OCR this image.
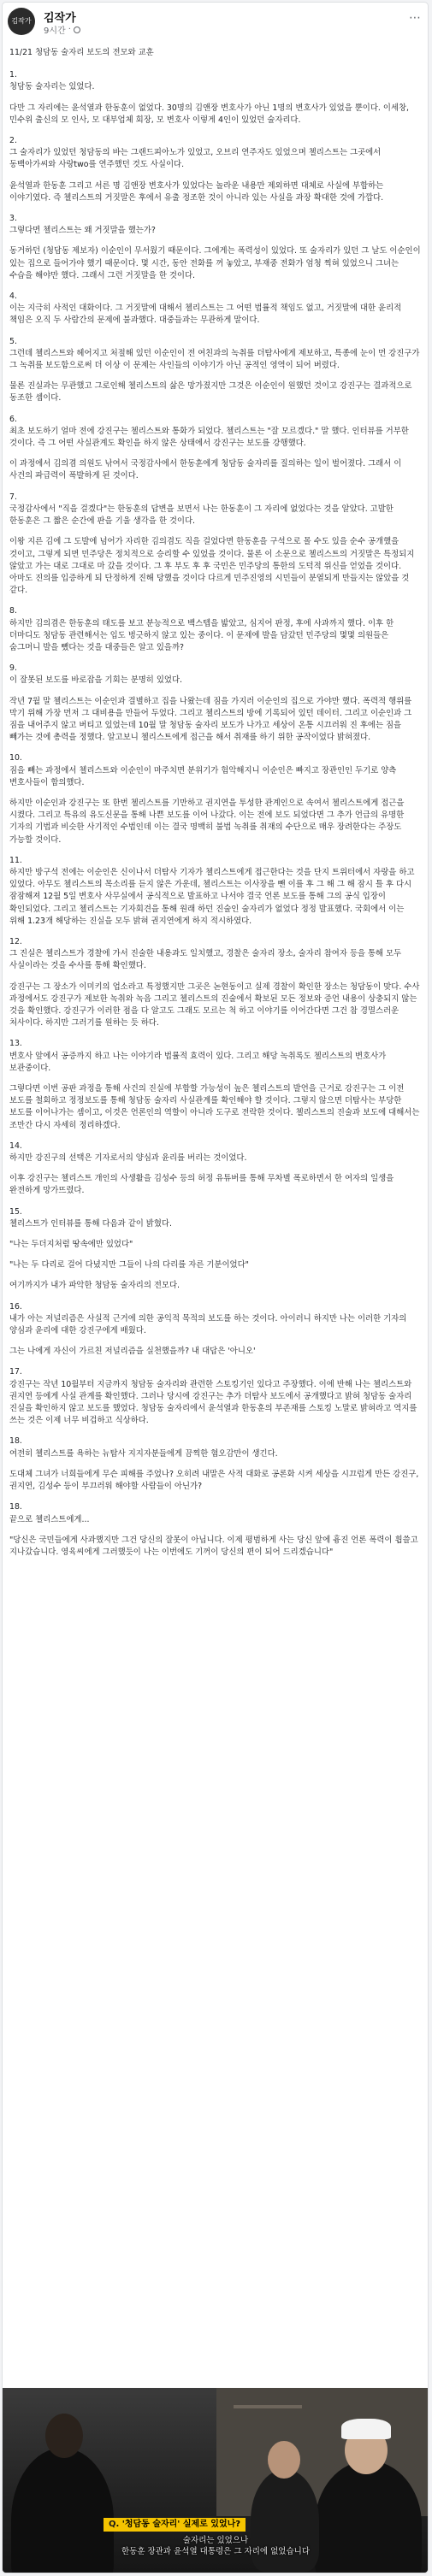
김작가	김작가
9시간 ·
⋯

11/21 청담동 술자리 보도의 전모와 교훈

1.

청담동 술자리는 있었다.

다만 그 자리에는 윤석열과 한동훈이 없었다. 30명의 김앤장 변호사가 아닌 1명의 변호사가 있었을 뿐이다. 이세창, 민수위 출신의 모 인사, 모 대부업체 회장, 모 변호사 이렇게 4인이 있었던 술자리다.

2.

그 술자리가 있었던 청담동의 바는 그랜드피아노가 있었고, 오브리 연주자도 있었으며 첼리스트는 그곳에서 동백아가씨와 사랑two를 연주했던 것도 사실이다.

윤석열과 한동훈 그리고 서른 명 김앤장 변호사가 있었다는 놀라운 내용만 제외하면 대체로 사실에 부합하는 이야기였다. 즉 첼리스트의 거짓말은 후에서 유출 정조한 것이 아니라 있는 사실을 과장 확대한 것에 가깝다.

3.

그렇다면 첼리스트는 왜 거짓말을 했는가?

동거하던 (청담동 제보자) 이순인이 무서웠기 때문이다. 그에게는 폭력성이 있었다. 또 술자리가 있던 그 날도 이순인이 있는 집으로 들어가야 했기 때문이다. 몇 시간, 동안 전화를 꺼 놓았고, 부재중 전화가 엄청 찍혀 있었으니 그녀는 수습을 해야만 했다. 그래서 그런 거짓말을 한 것이다.

4.

이는 지극히 사적인 대화이다. 그 거짓말에 대해서 첼리스트는 그 어떤 법률적 책임도 없고, 거짓말에 대한 윤리적 책임은 오직 두 사람간의 문제에 불과했다. 대중들과는 무관하게 말이다.

5.

그런데 첼리스트와 헤어지고 처절해 있던 이순인이 전 여친과의 녹취를 더탐사에게 제보하고, 특종에 눈이 먼 강진구가 그 녹취를 보도함으로써 더 이상 이 문제는 사인들의 이야기가 아닌 공적인 영역이 되어 버렸다.

물론 진실과는 무관했고 그로인해 첼리스트의 삶은 망가졌지만 그것은 이순인이 원했던 것이고 강진구는 결과적으로 동조한 셈이다.

6.

최초 보도하기 얼마 전에 강진구는 첼리스트와 통화가 되었다. 첼리스트는 "잘 모르겠다." 말 했다. 인터뷰를 거부한 것이다. 즉 그 어떤 사실관계도 확인을 하지 않은 상태에서 강진구는 보도를 강행했다.

이 과정에서 김의겸 의원도 낚여서 국정감사에서 한동훈에게 청담동 술자리를 질의하는 일이 벌어졌다. 그래서 이 사건의 파급력이 폭발하게 된 것이다.

7.

국정감사에서 "직을 걸겠다"는 한동훈의 답변을 보면서 나는 한동훈이 그 자리에 없었다는 것을 알았다. 고발한 한동훈은 그 짧은 순간에 판을 기울 생각을 한 것이다.

이왕 지른 김에 그 도발에 넘어가 자리한 김의겸도 직을 걸었다면 한동훈을 구석으로 몰 수도 있을 순수 공개했을 것이고, 그렇게 되면 민주당은 정치적으로 승리할 수 있었을 것이다. 물론 이 소문으로 첼리스트의 거짓말은 특정되지 않았고 가는 대로 그대로 마 갔을 것이다. 그 후 부도 후 후 국민은 민주당의 통한의 도덕적 위신을 얻었을 것이다. 아마도 진의를 입증하게 되 단정하게 진해 당했을 것이다 다르게 민주진영의 시민들이 분열되게 만들지는 않았을 것 같다.

8.

하지만 김의겸은 한동훈의 태도를 보고 분능적으로 백스텝을 밟았고, 심지어 판정, 후에 사과까지 했다. 이후 한 더마디도 청담동 관련해서는 입도 벙긋하지 않고 있는 중이다. 이 문제에 발을 담갔던 민주당의 몇몇 의원들은 숨그머니 발을 뺐다는 것을 대중들은 알고 있을까?

9.

이 잘못된 보도를 바로잡을 기회는 분명히 있었다.

작년 7월 말 첼리스트는 이순인과 결별하고 집을 나왔는데 짐을 가지러 이순인의 집으로 가야만 했다. 폭력적 행위를 막기 위해 가장 먼저 그 대비용을 만들어 두었다. 그리고 첼리스트의 방에 기록되어 있던 데이터. 그리고 이순인과 그 짐을 내어주지 않고 버티고 있었는데 10월 말 청담동 술자리 보도가 나가고 세상이 온통 시끄러워 진 후에는 짐을 빼가는 것에 총력을 정했다. 알고보니 첼리스트에게 접근을 해서 취재를 하기 위한 공작이었다 밝혀졌다.

10.

짐을 빼는 과정에서 첼리스트와 이순인이 마주치면 분위기가 험악해지니 이순인은 빠지고 장관인인 두기로 양측 변호사들이 합의했다.

하지만 이순인과 강진구는 또 한번 첼리스트를 기만하고 권지연을 투성한 관계인으로 속여서 첼리스트에게 접근을 시켰다. 그리고 특유의 유도신문을 통해 나쁜 보도를 이어 나갔다. 이는 전에 보도 되었다면 그 추가 언급의 유명한 기자의 기법과 비슷한 사기적인 수법인데 이는 결국 명백히 불법 녹취를 취재의 수단으로 매우 장려한다는 주장도 가능할 것이다.

11.

하지만 방구석 전에는 이순인은 신이나서 더탐사 기자가 첼리스트에게 접근한다는 것을 단지 트위터에서 자랑을 하고 있었다. 아무도 첼리스트의 목소리를 듣지 않은 가운데, 첼리스트는 이사장을 뺀 이를 후 그 해 그 해 잠시 틀 후 다시 잠잠해져 12월 5일 변호사 사무실에서 공식적으로 발표하고 나서야 결국 언론 보도를 통해 그의 공식 입장이 확인되었다. 그리고 첼리스트는 기자회견을 통해 원래 하던 진술인 술자리가 없었다 정정 발표했다. 국회에서 이는 위해 1.23개 해당하는 진실을 모두 밝혀 권지연에게 하지 적시하였다.

12.

그 진실은 첼리스트가 경찰에 가서 진술한 내용과도 일치했고, 경찰은 술자리 장소, 술자리 참여자 등을 통해 모두 사실이라는 것을 수사를 통해 확인했다.

강진구는 그 장소가 이미키의 업소라고 특정했지만 그곳은 논현동이고 실제 경찰이 확인한 장소는 청담동이 맞다. 수사 과정에서도 강진구가 제보한 녹취와 녹음 그리고 첼리스트의 진술에서 확보된 모든 정보와 증언 내용이 상충되지 않는 것을 확인했다. 강진구가 이러한 점을 다 알고도 그래도 모르는 척 하고 이야기를 이어간다면 그건 참 경멸스러운 처사이다. 하지만 그러기를 원하는 듯 하다.

13.

변호사 앞에서 공증까지 하고 나는 이야기라 법률적 효력이 있다. 그리고 해당 녹취록도 첼리스트의 변호사가 보관중이다.

그렇다면 이번 공판 과정을 통해 사건의 진실에 부합할 가능성이 높은 첼리스트의 발언을 근거로 강진구는 그 이전 보도를 철회하고 정정보도를 통해 청담동 술자리 사실관계를 확인해야 할 것이다. 그렇지 않으면 더탐사는 부당한 보도를 이어나가는 셈이고, 이것은 언론인의 역할이 아니라 도구로 전락한 것이다. 첼리스트의 진술과 보도에 대해서는 조만간 다시 자세히 정리하겠다.

14.

하지만 강진구의 선택은 기자로서의 양심과 윤리를 버리는 것이었다.

이후 강진구는 첼리스트 개인의 사생활을 김성수 등의 허정 유튜버를 통해 무차별 폭로하면서 한 여자의 일생을 완전하게 망가뜨렸다.

15.

첼리스트가 인터뷰를 통해 다음과 같이 밝혔다.

"나는 두더지처럼 땅속에만 있었다"

"나는 두 다리로 걸어 다녔지만 그들이 나의 다리를 자른 기분이었다"

여기까지가 내가 파악한 청담동 술자리의 전모다.

16.

내가 아는 저널리즘은 사실적 근거에 의한 공익적 목적의 보도를 하는 것이다. 아이러니 하지만 나는 이러한 기자의 양심과 윤리에 대한 강진구에게 배웠다.

그는 나에게 자신이 가르친 저널리즘을 실천했을까? 내 대답은 '아니오'

17.

강진구는 작년 10월부터 지금까지 청담동 술자리와 관련한 스토킹기인 있다고 주장했다. 이에 반해 나는 첼리스트와 권지연 등에게 사실 관계를 확인했다. 그러나 당시에 강진구는 추가 더탐사 보도에서 공개했다고 밝혀 청담동 술자리 진실을 확인하지 않고 보도를 했었다. 청담동 술자리에서 윤석열과 한동훈의 부존재를 스토킹 노말로 밝혀라고 역지를 쓰는 것은 이제 너무 비겁하고 식상하다.

18.

여전히 첼리스트를 욕하는 뉴탐사 지지자분들에게 끔찍한 혐오감만이 생긴다.

도대체 그녀가 너희들에게 무슨 피해를 주었나? 오히려 내말은 사적 대화로 공론화 시켜 세상을 시끄럽게 만든 강진구, 권지연, 김성수 등이 부끄러워 해야할 사람들이 아닌가?

18.

끝으로 첼리스트에게...

"당신은 국민들에게 사과했지만 그건 당신의 잘못이 아닙니다. 이제 평범하게 사는 당신 앞에 흉진 언론 폭력이 휩쓸고 지나갔습니다. 영육씨에게 그러했듯이 나는 이번에도 기꺼이 당신의 편이 되어 드리겠습니다"

Q. '청담동 술자리' 실제로 있었나?
술자리는 있었으나
한동훈 장관과 윤석열 대통령은 그 자리에 없었습니다
